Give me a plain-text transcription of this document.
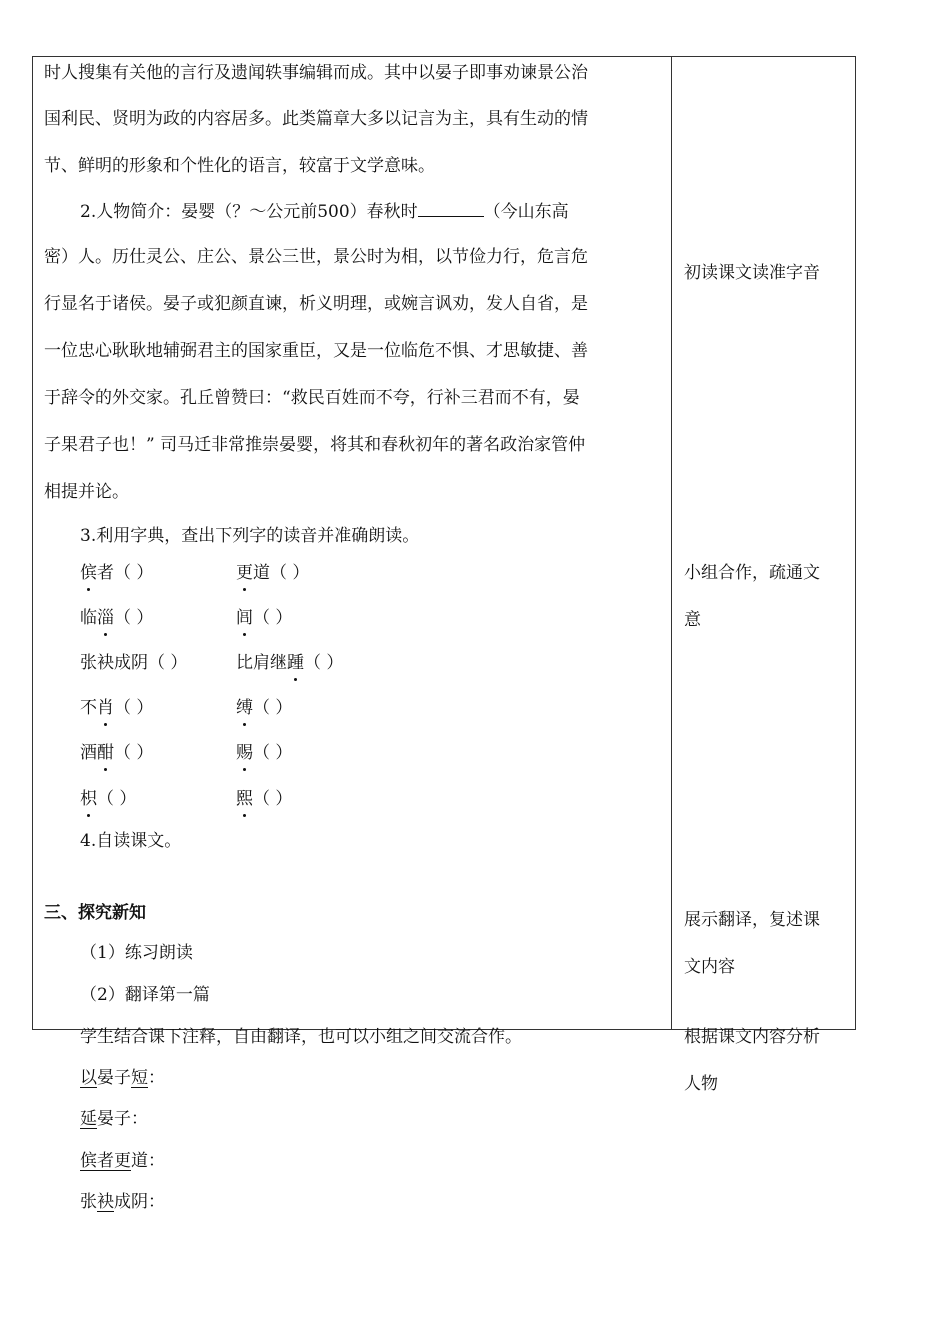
时人搜集有关他的言行及遗闻轶事编辑而成。其中以晏子即事劝谏景公治
国利民、贤明为政的内容居多。此类篇章大多以记言为主，具有生动的情
节、鲜明的形象和个性化的语言，较富于文学意味。
2.人物简介：晏婴（？～公元前500）春秋时	（今山东高
密）人。历仕灵公、庄公、景公三世，景公时为相，以节俭力行，危言危
行显名于诸侯。晏子或犯颜直谏，析义明理，或婉言讽劝，发人自省，是
一位忠心耿耿地辅弼君主的国家重臣，又是一位临危不惧、才思敏捷、善
于辞令的外交家。孔丘曾赞曰：“救民百姓而不夸，行补三君而不有，晏
子果君子也！” 司马迁非常推崇晏婴，将其和春秋初年的著名政治家管仲
相提并论。
3.利用字典，查出下列字的读音并准确朗读。
傧者（ ）	更道（ ）
临淄（ ）	闾（ ）
张袂成阴（ ）	比肩继踵（ ）
不肖（ ）	缚（ ）
酒酣（ ）	赐（ ）
枳（ ）	熙（ ）
4.自读课文。
三、探究新知
（1）练习朗读
（2）翻译第一篇
学生结合课下注释，自由翻译，也可以小组之间交流合作。
以晏子短：
延晏子：
傧者更道：
张袂成阴：
初读课文读准字音
小组合作，疏通文
意
展示翻译，复述课
文内容
根据课文内容分析
人物
